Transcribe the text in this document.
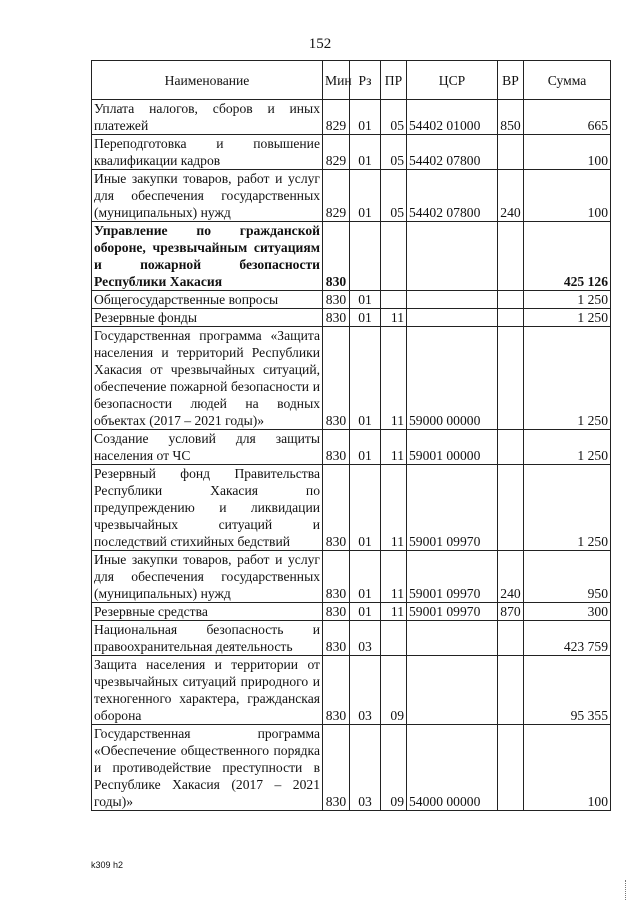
152
Наименование	Мин	Рз	ПР	ЦСР	ВР	Сумма
Уплата налогов, сборов и иных платежей	829	01	05	54402 01000	850	665
Переподготовка и повышение квалификации кадров	829	01	05	54402 07800		100
Иные закупки товаров, работ и услуг для обеспечения государственных (муниципальных) нужд	829	01	05	54402 07800	240	100
Управление по гражданской обороне, чрезвычайным ситуациям и пожарной безопасности Республики Хакасия	830					425 126
Общегосударственные вопросы	830	01				1 250
Резервные фонды	830	01	11			1 250
Государственная программа «Защита населения и территорий Республики Хакасия от чрезвычайных ситуаций, обеспечение пожарной безопасности и безопасности людей на водных объектах (2017 – 2021 годы)»	830	01	11	59000 00000		1 250
Создание условий для защиты населения от ЧС	830	01	11	59001 00000		1 250
Резервный фонд Правительства Республики Хакасия по предупреждению и ликвидации чрезвычайных ситуаций и последствий стихийных бедствий	830	01	11	59001 09970		1 250
Иные закупки товаров, работ и услуг для обеспечения государственных (муниципальных) нужд	830	01	11	59001 09970	240	950
Резервные средства	830	01	11	59001 09970	870	300
Национальная безопасность и правоохранительная деятельность	830	03				423 759
Защита населения и территории от чрезвычайных ситуаций природного и техногенного характера, гражданская оборона	830	03	09			95 355
Государственная программа «Обеспечение общественного порядка и противодействие преступности в Республике Хакасия (2017 – 2021 годы)»	830	03	09	54000 00000		100
k309 h2
